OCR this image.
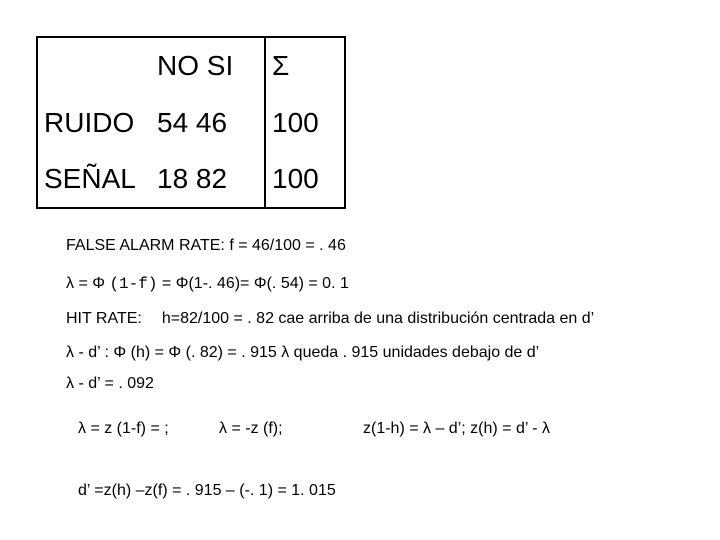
	NO SI	Σ
RUIDO	54 46	100
SEÑAL	18 82	100
FALSE ALARM RATE: f = 46/100 = . 46
λ = Φ (1-f) = Φ(1-. 46)= Φ(. 54) = 0. 1
HIT RATE: h=82/100 = . 82 cae arriba de una distribución centrada en d’
λ - d’ : Φ (h) = Φ (. 82) = . 915 λ queda . 915 unidades debajo de d’
λ - d’ = . 092
λ = z (1-f) = ;	λ = -z (f);	z(1-h) = λ – d’; z(h) = d’ - λ
d’ =z(h) –z(f) = . 915 – (-. 1) = 1. 015
